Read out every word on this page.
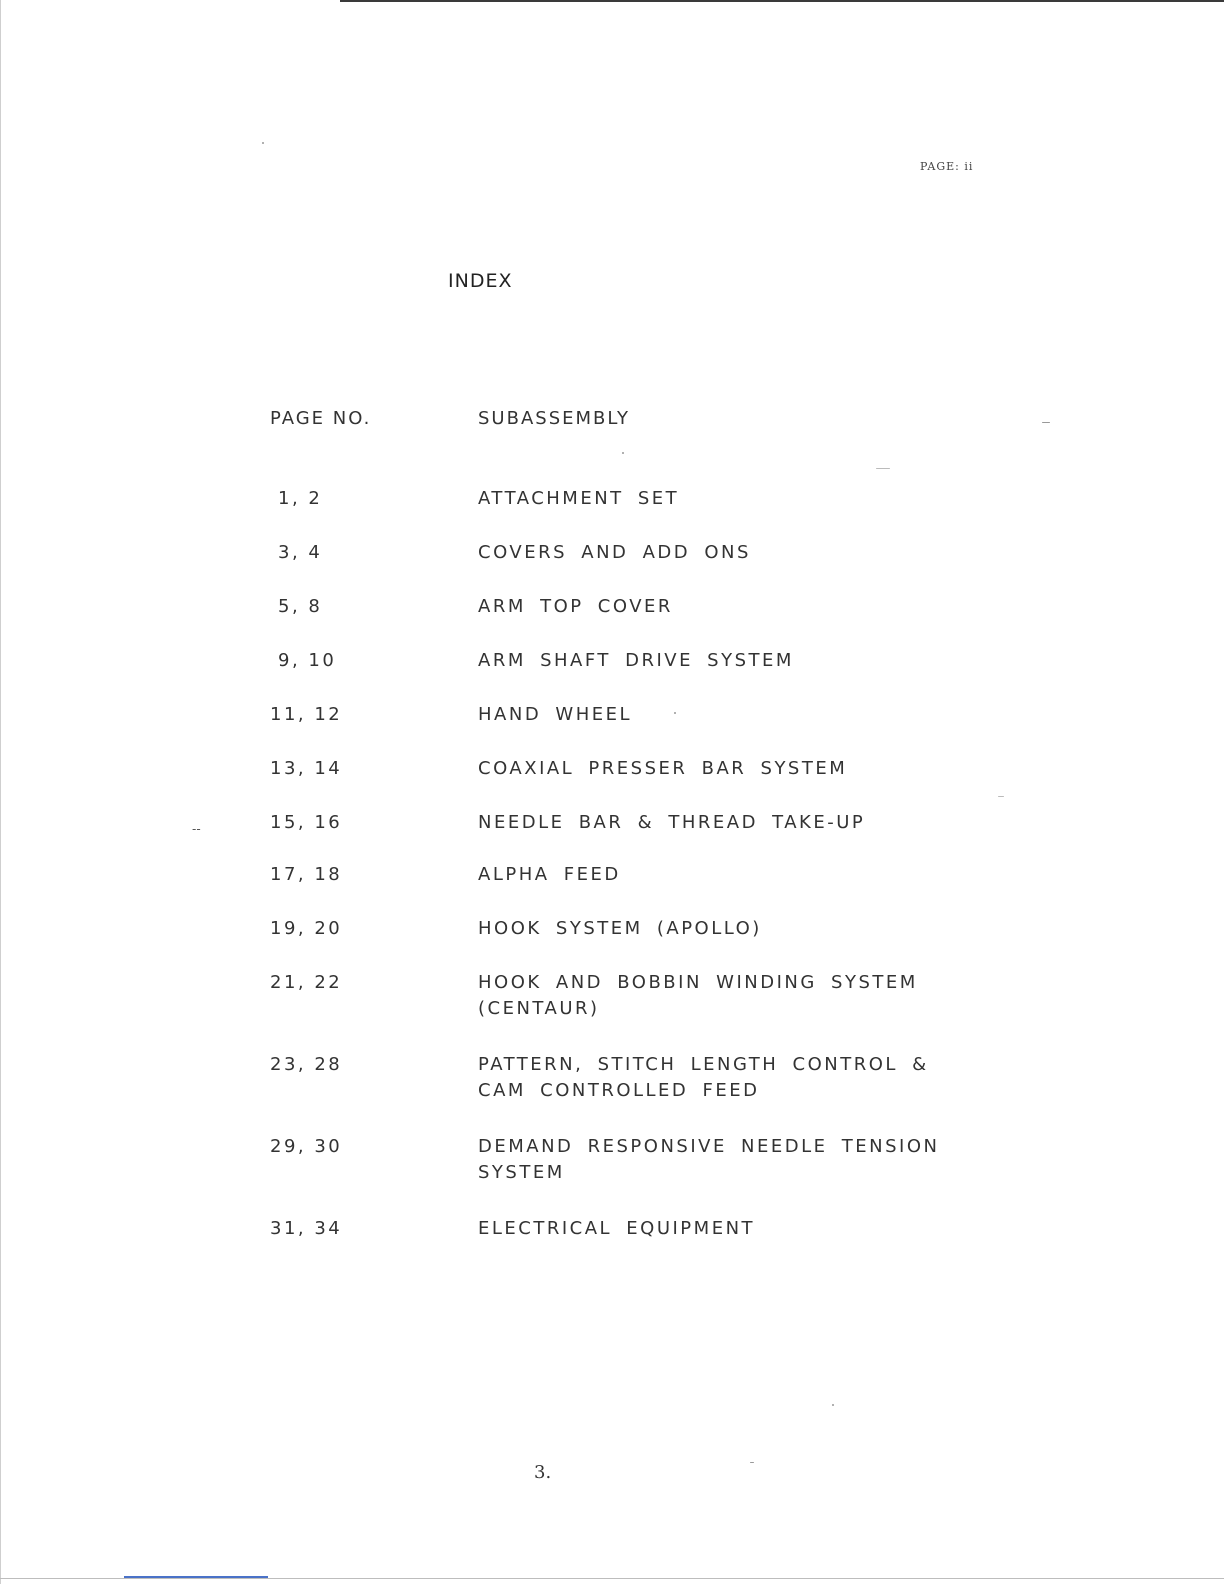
PAGE: ii
INDEX
PAGE NO.	SUBASSEMBLY
1, 2	ATTACHMENT SET
3, 4	COVERS AND ADD ONS
5, 8	ARM TOP COVER
9, 10	ARM SHAFT DRIVE SYSTEM
11, 12	HAND WHEEL
13, 14	COAXIAL PRESSER BAR SYSTEM
15, 16	NEEDLE BAR & THREAD TAKE-UP
17, 18	ALPHA FEED
19, 20	HOOK SYSTEM (APOLLO)
21, 22	HOOK AND BOBBIN WINDING SYSTEM (CENTAUR)
23, 28	PATTERN, STITCH LENGTH CONTROL & CAM CONTROLLED FEED
29, 30	DEMAND RESPONSIVE NEEDLE TENSION SYSTEM
31, 34	ELECTRICAL EQUIPMENT
--
3.
